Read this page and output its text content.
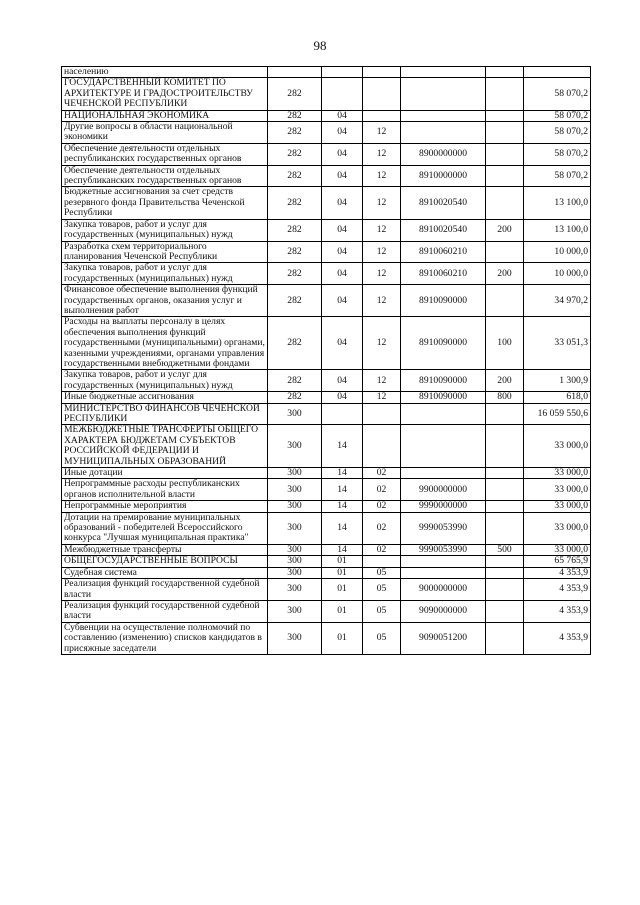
98
населению						
ГОСУДАРСТВЕННЫЙ КОМИТЕТ ПО АРХИТЕКТУРЕ И ГРАДОСТРОИТЕЛЬСТВУ ЧЕЧЕНСКОЙ РЕСПУБЛИКИ	282					58 070,2
НАЦИОНАЛЬНАЯ ЭКОНОМИКА	282	04				58 070,2
Другие вопросы в области национальной экономики	282	04	12			58 070,2
Обеспечение деятельности отдельных республиканских государственных органов	282	04	12	8900000000		58 070,2
Обеспечение деятельности отдельных республиканских государственных органов	282	04	12	8910000000		58 070,2
Бюджетные ассигнования за счет средств резервного фонда Правительства Чеченской Республики	282	04	12	8910020540		13 100,0
Закупка товаров, работ и услуг для государственных (муниципальных) нужд	282	04	12	8910020540	200	13 100,0
Разработка схем территориального планирования Чеченской Республики	282	04	12	8910060210		10 000,0
Закупка товаров, работ и услуг для государственных (муниципальных) нужд	282	04	12	8910060210	200	10 000,0
Финансовое обеспечение выполнения функций государственных органов, оказания услуг и выполнения работ	282	04	12	8910090000		34 970,2
Расходы на выплаты персоналу в целях обеспечения выполнения функций государственными (муниципальными) органами, казенными учреждениями, органами управления государственными внебюджетными фондами	282	04	12	8910090000	100	33 051,3
Закупка товаров, работ и услуг для государственных (муниципальных) нужд	282	04	12	8910090000	200	1 300,9
Иные бюджетные ассигнования	282	04	12	8910090000	800	618,0
МИНИСТЕРСТВО ФИНАНСОВ ЧЕЧЕНСКОЙ РЕСПУБЛИКИ	300					16 059 550,6
МЕЖБЮДЖЕТНЫЕ ТРАНСФЕРТЫ ОБЩЕГО ХАРАКТЕРА БЮДЖЕТАМ СУБЪЕКТОВ РОССИЙСКОЙ ФЕДЕРАЦИИ И МУНИЦИПАЛЬНЫХ ОБРАЗОВАНИЙ	300	14				33 000,0
Иные дотации	300	14	02			33 000,0
Непрограммные расходы республиканских органов исполнительной власти	300	14	02	9900000000		33 000,0
Непрограммные мероприятия	300	14	02	9990000000		33 000,0
Дотации на премирование муниципальных образований - победителей Всероссийского конкурса "Лучшая муниципальная практика"	300	14	02	9990053990		33 000,0
Межбюджетные трансферты	300	14	02	9990053990	500	33 000,0
ОБЩЕГОСУДАРСТВЕННЫЕ ВОПРОСЫ	300	01				65 765,9
Судебная система	300	01	05			4 353,9
Реализация функций государственной судебной власти	300	01	05	9000000000		4 353,9
Реализация функций государственной судебной власти	300	01	05	9090000000		4 353,9
Субвенции на осуществление полномочий по составлению (изменению) списков кандидатов в присяжные заседатели	300	01	05	9090051200		4 353,9
